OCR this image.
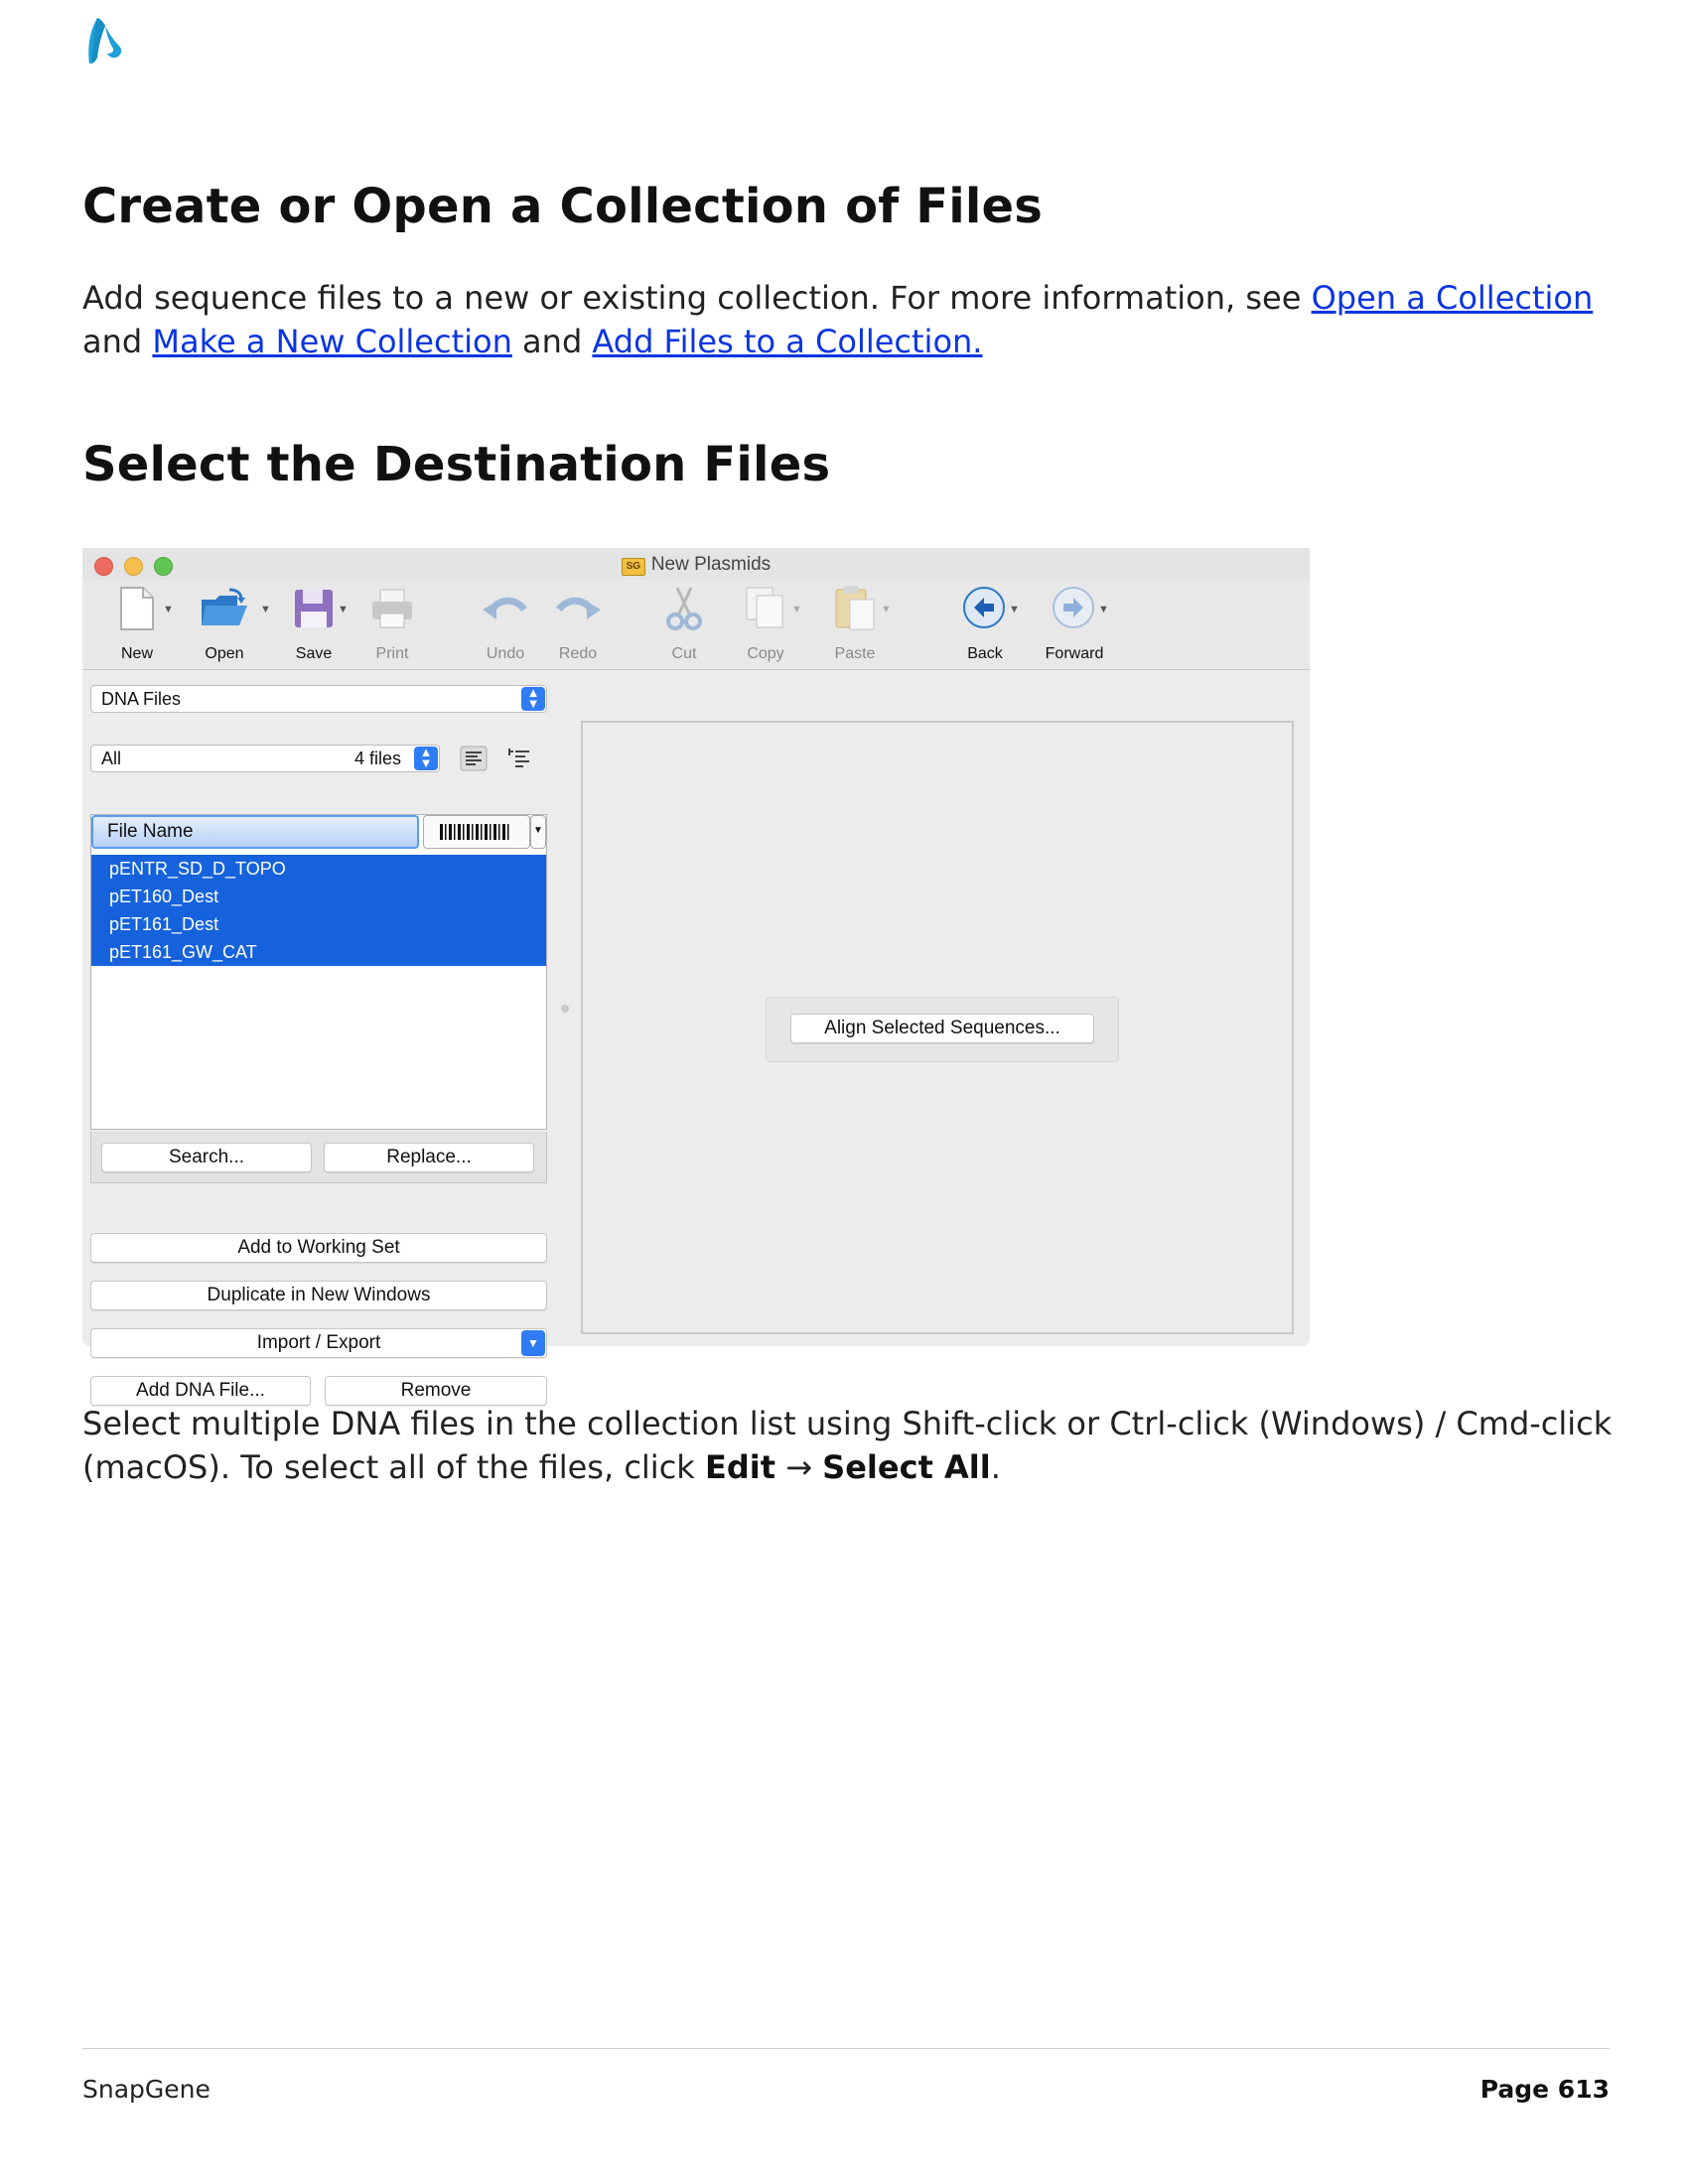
Create or Open a Collection of Files

Add sequence files to a new or existing collection. For more information, see Open a Collection and Make a New Collection and Add Files to a Collection.

Select the Destination Files
SG New Plasmids
▼
New
▼
Open
▼
Save	Print	Undo	Redo	Cut
▼
Copy
▼
Paste
▼
Back
▼
Forward
DNA Files	▲
▼
All	4 files	▲
▼
File Name	▼
pENTR_SD_D_TOPO
pET160_Dest
pET161_Dest
pET161_GW_CAT
Search...	Replace...
Add to Working Set
Duplicate in New Windows
Import / Export	▼
Add DNA File...	Remove
Align Selected Sequences...

Select multiple DNA files in the collection list using Shift-click or Ctrl-click (Windows) / Cmd-click (macOS). To select all of the files, click Edit → Select All.

SnapGene	Page 613
